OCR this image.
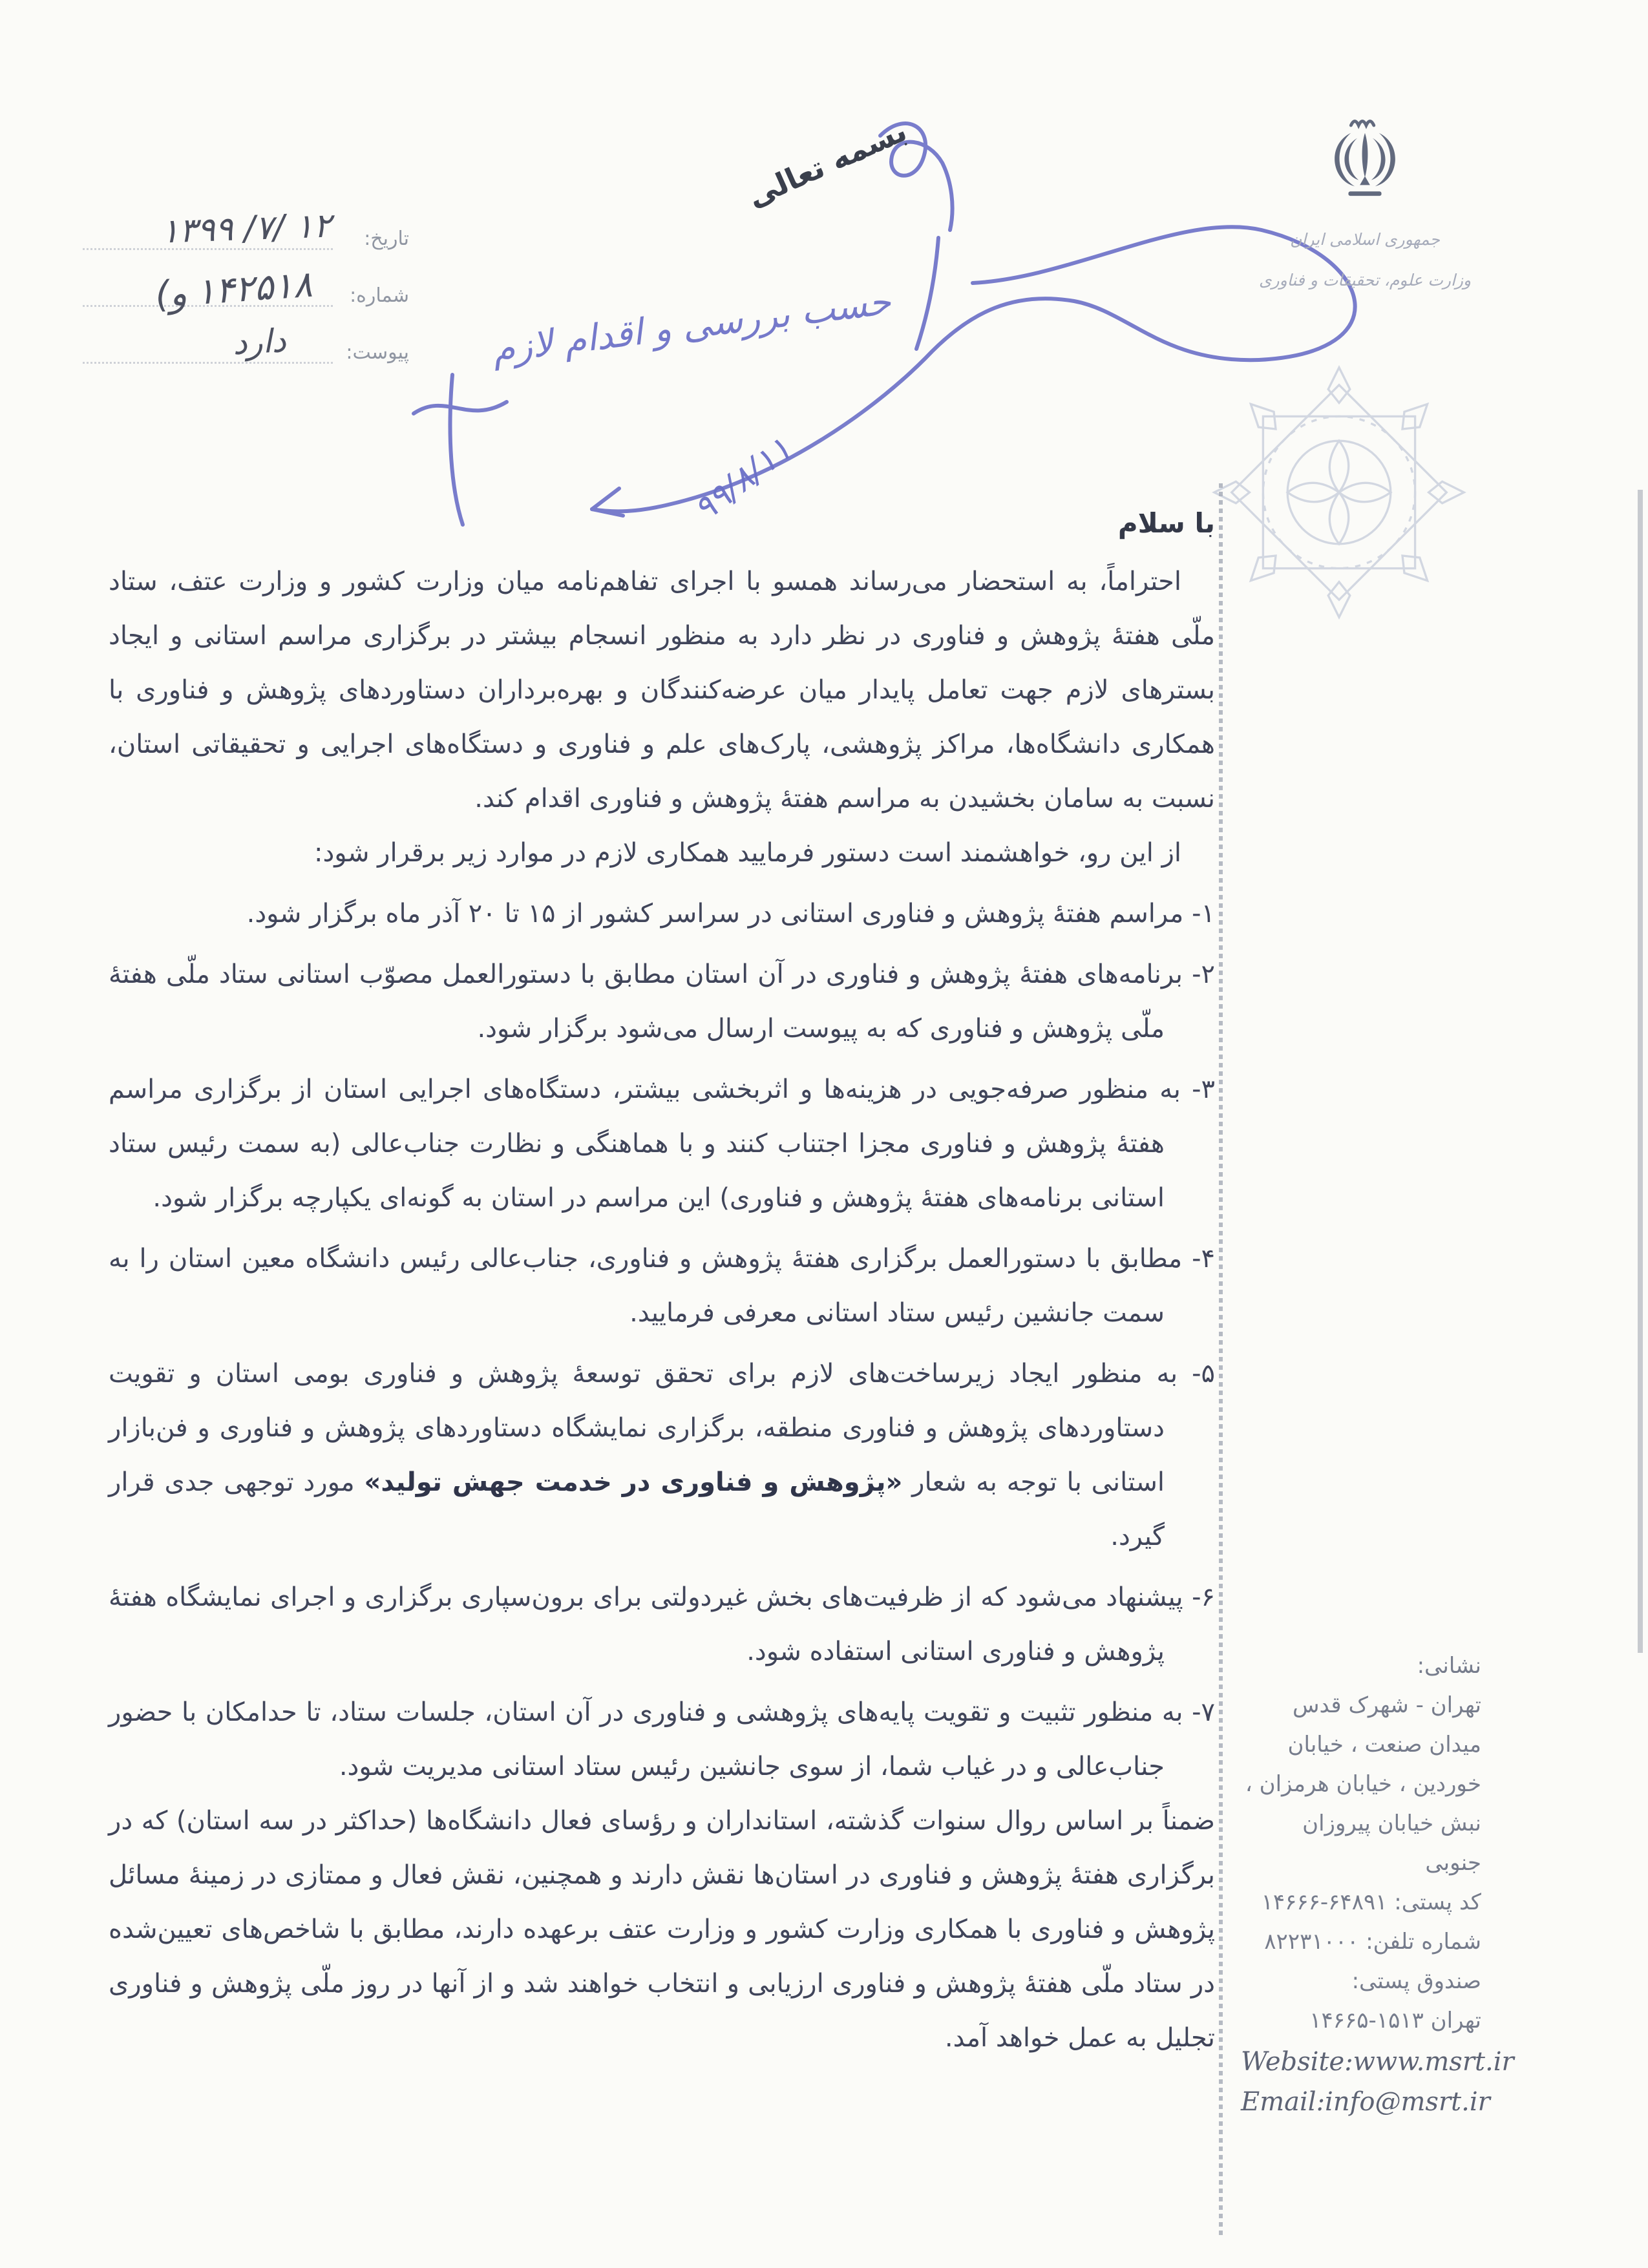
تاریخ:
۱۳۹۹ /۷/ ۱۲
شماره:
(و ۱۴۲۵۱۸
پیوست:
دارد
بسمه تعالی
حسب بررسی و اقدام لازم
۹۹/۸/۱۱
جمهوری اسلامی ایران
وزارت علوم، تحقیقات و فناوری
با سلام

احتراماً، به استحضار می‌رساند همسو با اجرای تفاهم‌نامه میان وزارت کشور و وزارت عتف، ستاد ملّی هفتهٔ پژوهش و فناوری در نظر دارد به منظور انسجام بیشتر در برگزاری مراسم استانی و ایجاد بسترهای لازم جهت تعامل پایدار میان عرضه‌کنندگان و بهره‌برداران دستاوردهای پژوهش و فناوری با همکاری دانشگاه‌ها، مراکز پژوهشی، پارک‌های علم و فناوری و دستگاه‌های اجرایی و تحقیقاتی استان، نسبت به سامان بخشیدن به مراسم هفتهٔ پژوهش و فناوری اقدام کند.

از این رو، خواهشمند است دستور فرمایید همکاری لازم در موارد زیر برقرار شود:

۱- مراسم هفتهٔ پژوهش و فناوری استانی در سراسر کشور از ۱۵ تا ۲۰ آذر ماه برگزار شود.
۲- برنامه‌های هفتهٔ پژوهش و فناوری در آن استان مطابق با دستورالعمل مصوّب استانی ستاد ملّی هفتهٔ ملّی پژوهش و فناوری که به پیوست ارسال می‌شود برگزار شود.
۳- به منظور صرفه‌جویی در هزینه‌ها و اثربخشی بیشتر، دستگاه‌های اجرایی استان از برگزاری مراسم هفتهٔ پژوهش و فناوری مجزا اجتناب کنند و با هماهنگی و نظارت جناب‌عالی (به سمت رئیس ستاد استانی برنامه‌های هفتهٔ پژوهش و فناوری) این مراسم در استان به گونه‌ای یکپارچه برگزار شود.
۴- مطابق با دستورالعمل برگزاری هفتهٔ پژوهش و فناوری، جناب‌عالی رئیس دانشگاه معین استان را به سمت جانشین رئیس ستاد استانی معرفی فرمایید.
۵- به منظور ایجاد زیرساخت‌های لازم برای تحقق توسعهٔ پژوهش و فناوری بومی استان و تقویت دستاوردهای پژوهش و فناوری منطقه، برگزاری نمایشگاه دستاوردهای پژوهش و فناوری و فن‌بازار استانی با توجه به شعار «پژوهش و فناوری در خدمت جهش تولید» مورد توجهی جدی قرار گیرد.
۶- پیشنهاد می‌شود که از ظرفیت‌های بخش غیردولتی برای برون‌سپاری برگزاری و اجرای نمایشگاه هفتهٔ پژوهش و فناوری استانی استفاده شود.
۷- به منظور تثبیت و تقویت پایه‌های پژوهشی و فناوری در آن استان، جلسات ستاد، تا حدامکان با حضور جناب‌عالی و در غیاب شما، از سوی جانشین رئیس ستاد استانی مدیریت شود.

ضمناً بر اساس روال سنوات گذشته، استانداران و رؤسای فعال دانشگاه‌ها (حداکثر در سه استان) که در برگزاری هفتهٔ پژوهش و فناوری در استان‌ها نقش دارند و همچنین، نقش فعال و ممتازی در زمینهٔ مسائل پژوهش و فناوری با همکاری وزارت کشور و وزارت عتف برعهده دارند، مطابق با شاخص‌های تعیین‌شده در ستاد ملّی هفتهٔ پژوهش و فناوری ارزیابی و انتخاب خواهند شد و از آنها در روز ملّی پژوهش و فناوری تجلیل به عمل خواهد آمد.

نشانی:
تهران - شهرک قدس
میدان صنعت ، خیابان
خوردین ، خیابان هرمزان ،
نبش خیابان پیروزان جنوبی
کد پستی: ۱۴۶۶۶-۶۴۸۹۱
شماره تلفن: ۸۲۲۳۱۰۰۰
صندوق پستی:
تهران ۱۵۱۳-۱۴۶۶۵
Website:www.msrt.ir
Email:info@msrt.ir
